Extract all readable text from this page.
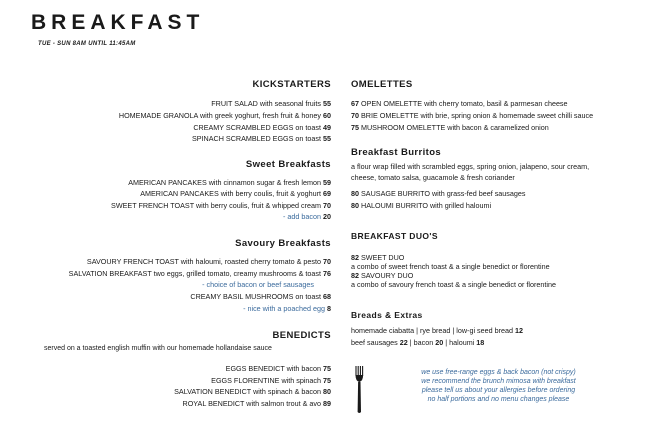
BREAKFAST
TUE - SUN 8AM UNTIL 11:45AM
KICKSTARTERS
FRUIT SALAD with seasonal fruits 55
HOMEMADE GRANOLA with greek yoghurt, fresh fruit & honey 60
CREAMY SCRAMBLED EGGS on toast 49
SPINACH SCRAMBLED EGGS on toast 55
Sweet Breakfasts
AMERICAN PANCAKES with cinnamon sugar & fresh lemon 59
AMERICAN PANCAKES with berry coulis, fruit & yoghurt 69
SWEET FRENCH TOAST with berry coulis, fruit & whipped cream 70
- add bacon 20
Savoury Breakfasts
SAVOURY FRENCH TOAST with haloumi, roasted cherry tomato & pesto 70
SALVATION BREAKFAST two eggs, grilled tomato, creamy mushrooms & toast 76
- choice of bacon or beef sausages
CREAMY BASIL MUSHROOMS on toast 68
- nice with a poached egg 8
BENEDICTS
served on a toasted english muffin with our homemade hollandaise sauce
EGGS BENEDICT with bacon 75
EGGS FLORENTINE with spinach 75
SALVATION BENEDICT with spinach & bacon 80
ROYAL BENEDICT with salmon trout & avo 89
OMELETTES
67 OPEN OMELETTE with cherry tomato, basil & parmesan cheese
70 BRIE OMELETTE with brie, spring onion & homemade sweet chilli sauce
75 MUSHROOM OMELETTE with bacon & caramelized onion
Breakfast Burritos
a flour wrap filled with scrambled eggs, spring onion, jalapeno, sour cream,
cheese, tomato salsa, guacamole & fresh coriander
80 SAUSAGE BURRITO with grass-fed beef sausages
80 HALOUMI BURRITO with grilled haloumi
BREAKFAST DUO'S
82 SWEET DUO
a combo of sweet french toast & a single benedict or florentine
82 SAVOURY DUO
a combo of savoury french toast & a single benedict or florentine
Breads & Extras
homemade ciabatta | rye bread | low-gi seed bread 12
beef sausages 22 | bacon 20 | haloumi 18
we use free-range eggs & back bacon (not crispy)
we recommend the brunch mimosa with breakfast
please tell us about your allergies before ordering
no half portions and no menu changes please
